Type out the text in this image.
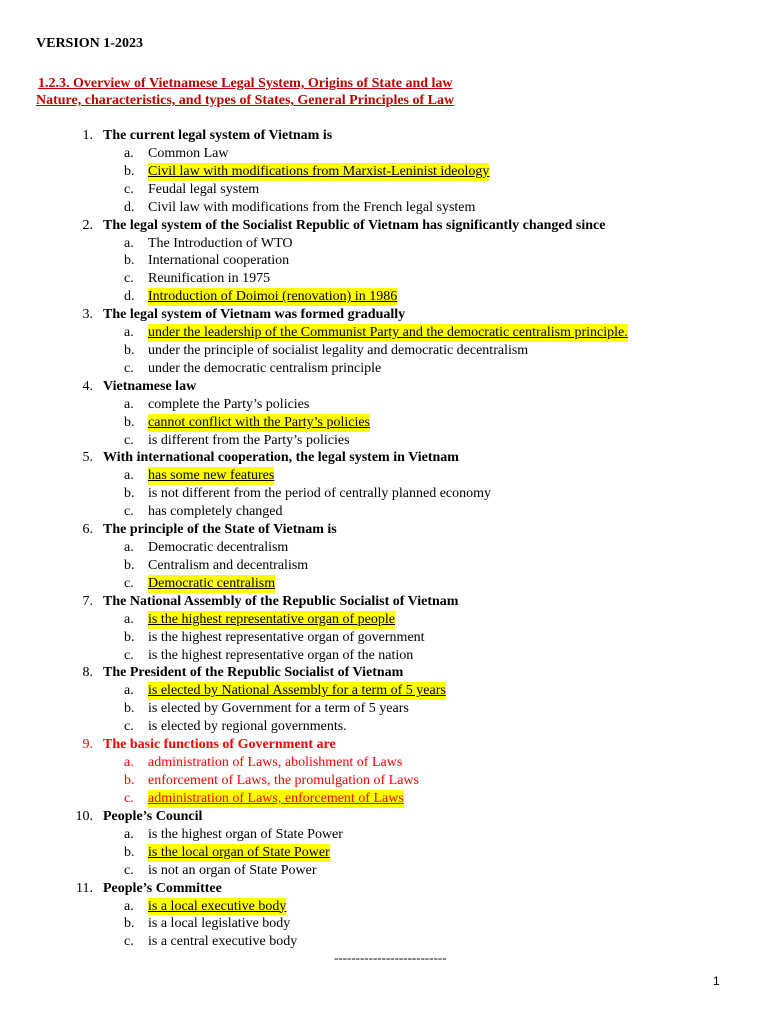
VERSION 1-2023
1.2.3. Overview of Vietnamese Legal System, Origins of State and law
Nature, characteristics, and types of States, General Principles of Law
1. The current legal system of Vietnam is
a. Common Law
b. Civil law with modifications from Marxist-Leninist ideology
c. Feudal legal system
d. Civil law with modifications from the French legal system
2. The legal system of the Socialist Republic of Vietnam has significantly changed since
a. The Introduction of WTO
b. International cooperation
c. Reunification in 1975
d. Introduction of Doimoi (renovation) in 1986
3. The legal system of Vietnam was formed gradually
a. under the leadership of the Communist Party and the democratic centralism principle.
b. under the principle of socialist legality and democratic decentralism
c. under the democratic centralism principle
4. Vietnamese law
a. complete the Party’s policies
b. cannot conflict with the Party’s policies
c. is different from the Party’s policies
5. With international cooperation, the legal system in Vietnam
a. has some new features
b. is not different from the period of centrally planned economy
c. has completely changed
6. The principle of the State of Vietnam is
a. Democratic decentralism
b. Centralism and decentralism
c. Democratic centralism
7. The National Assembly of the Republic Socialist of Vietnam
a. is the highest representative organ of people
b. is the highest representative organ of government
c. is the highest representative organ of the nation
8. The President of the Republic Socialist of Vietnam
a. is elected by National Assembly for a term of 5 years
b. is elected by Government for a term of 5 years
c. is elected by regional governments.
9. The basic functions of Government are
a. administration of Laws, abolishment of Laws
b. enforcement of Laws, the promulgation of Laws
c. administration of Laws, enforcement of Laws
10. People’s Council
a. is the highest organ of State Power
b. is the local organ of State Power
c. is not an organ of State Power
11. People’s Committee
a. is a local executive body
b. is a local legislative body
c. is a central executive body
--------------------------
1
